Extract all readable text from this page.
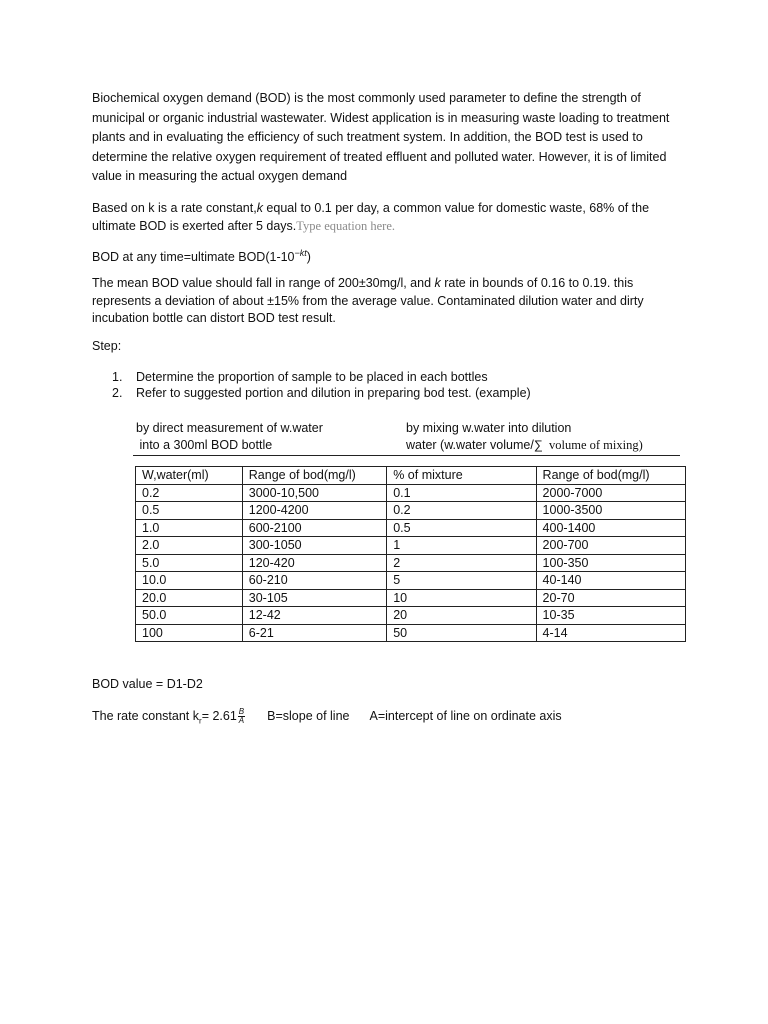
Biochemical oxygen demand (BOD) is the most commonly used parameter to define the strength of municipal or organic industrial wastewater. Widest application is in measuring waste loading to treatment plants and in evaluating the efficiency of such treatment system. In addition, the BOD test is used to determine the relative oxygen requirement of treated effluent and polluted water. However, it is of limited value in measuring the actual oxygen demand

Based on k is a rate constant,k equal to 0.1 per day, a common value for domestic waste, 68% of the ultimate BOD is exerted after 5 days.Type equation here.

BOD at any time=ultimate $BOD(1-10^{-kt})$

The mean BOD value should fall in range of 200±30mg/l, and k rate in bounds of 0.16 to 0.19. this represents a deviation of about ±15% from the average value. Contaminated dilution water and dirty incubation bottle can distort BOD test result.

Step:

1.	Determine the proportion of sample to be placed in each bottles
2.	Refer to suggested portion and dilution in preparing bod test. (example)
by direct measurement of w.water
into a 300ml BOD bottle
by mixing w.water into dilution
water (w.water volume/∑  volume of mixing)
W,water(ml)	Range of bod(mg/l)	% of mixture	Range of bod(mg/l)
0.2	3000-10,500	0.1	2000-7000
0.5	1200-4200	0.2	1000-3500
1.0	600-2100	0.5	400-1400
2.0	300-1050	1	200-700
5.0	120-420	2	100-350
10.0	60-210	5	40-140
20.0	30-105	10	20-70
50.0	12-42	20	10-35
100	6-21	50	4-14

BOD value = D1-D2

The rate constant $k_r= 2.61 \frac{B}{A}$ B=slope of line A=intercept of line on ordinate axis
